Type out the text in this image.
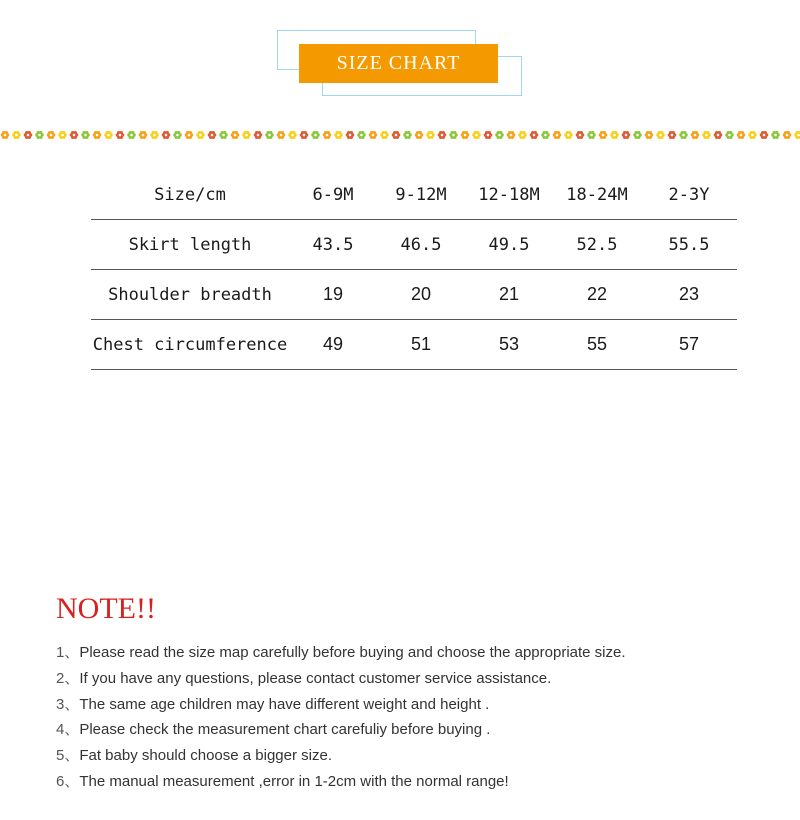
SIZE CHART
Size/cm	6-9M	9-12M	12-18M	18-24M	2-3Y
Skirt length	43.5	46.5	49.5	52.5	55.5
Shoulder breadth	19	20	21	22	23
Chest circumference	49	51	53	55	57
NOTE!!
1、Please read the size map carefully before buying and choose the appropriate size.
2、If you have any questions, please contact customer service assistance.
3、The same age children may have different weight and height .
4、Please check the measurement chart carefuliy before buying .
5、Fat baby should choose a bigger size.
6、The manual measurement ,error in 1-2cm with the normal range!
